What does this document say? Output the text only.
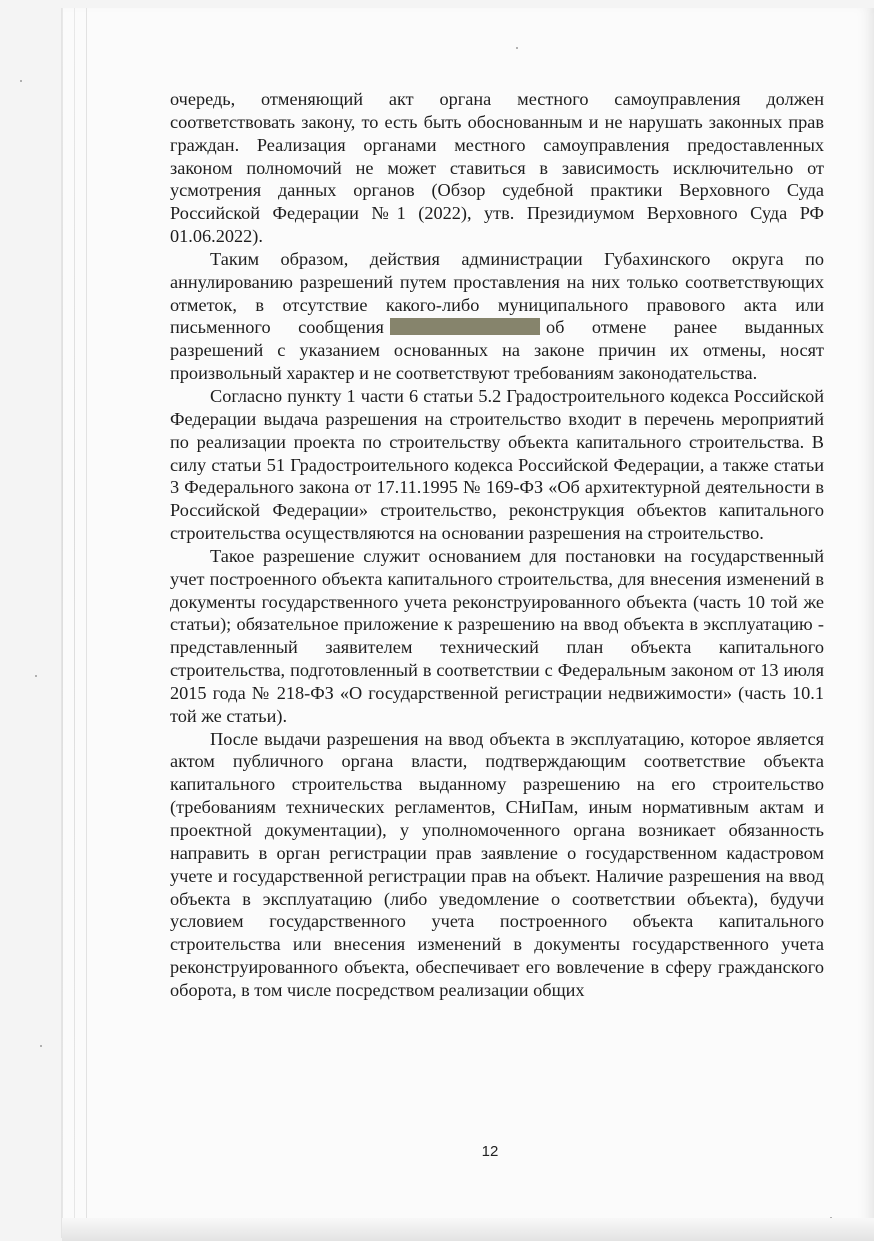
очередь, отменяющий акт органа местного самоуправления должен соответствовать закону, то есть быть обоснованным и не нарушать законных прав граждан. Реализация органами местного самоуправления предоставленных законом полномочий не может ставиться в зависимость исключительно от усмотрения данных органов (Обзор судебной практики Верховного Суда Российской Федерации №1 (2022), утв. Президиумом Верховного Суда РФ 01.06.2022).

Таким образом, действия администрации Губахинского округа по аннулированию разрешений путем проставления на них только соответствующих отметок, в отсутствие какого-либо муниципального правового акта или письменного сообщения	об отмене ранее выданных разрешений с указанием основанных на законе причин их отмены, носят произвольный характер и не соответствуют требованиям законодательства.

Согласно пункту 1 части 6 статьи 5.2 Градостроительного кодекса Российской Федерации выдача разрешения на строительство входит в перечень мероприятий по реализации проекта по строительству объекта капитального строительства. В силу статьи 51 Градостроительного кодекса Российской Федерации, а также статьи 3 Федерального закона от 17.11.1995 № 169-ФЗ «Об архитектурной деятельности в Российской Федерации» строительство, реконструкция объектов капитального строительства осуществляются на основании разрешения на строительство.

Такое разрешение служит основанием для постановки на государственный учет построенного объекта капитального строительства, для внесения изменений в документы государственного учета реконструированного объекта (часть 10 той же статьи); обязательное приложение к разрешению на ввод объекта в эксплуатацию - представленный заявителем технический план объекта капитального строительства, подготовленный в соответствии с Федеральным законом от 13 июля 2015 года № 218-ФЗ «О государственной регистрации недвижимости» (часть 10.1 той же статьи).

После выдачи разрешения на ввод объекта в эксплуатацию, которое является актом публичного органа власти, подтверждающим соответствие объекта капитального строительства выданному разрешению на его строительство (требованиям технических регламентов, СНиПам, иным нормативным актам и проектной документации), у уполномоченного органа возникает обязанность направить в орган регистрации прав заявление о государственном кадастровом учете и государственной регистрации прав на объект. Наличие разрешения на ввод объекта в эксплуатацию (либо уведомление о соответствии объекта), будучи условием государственного учета построенного объекта капитального строительства или внесения изменений в документы государственного учета реконструированного объекта, обеспечивает его вовлечение в сферу гражданского оборота, в том числе посредством реализации общих

12
